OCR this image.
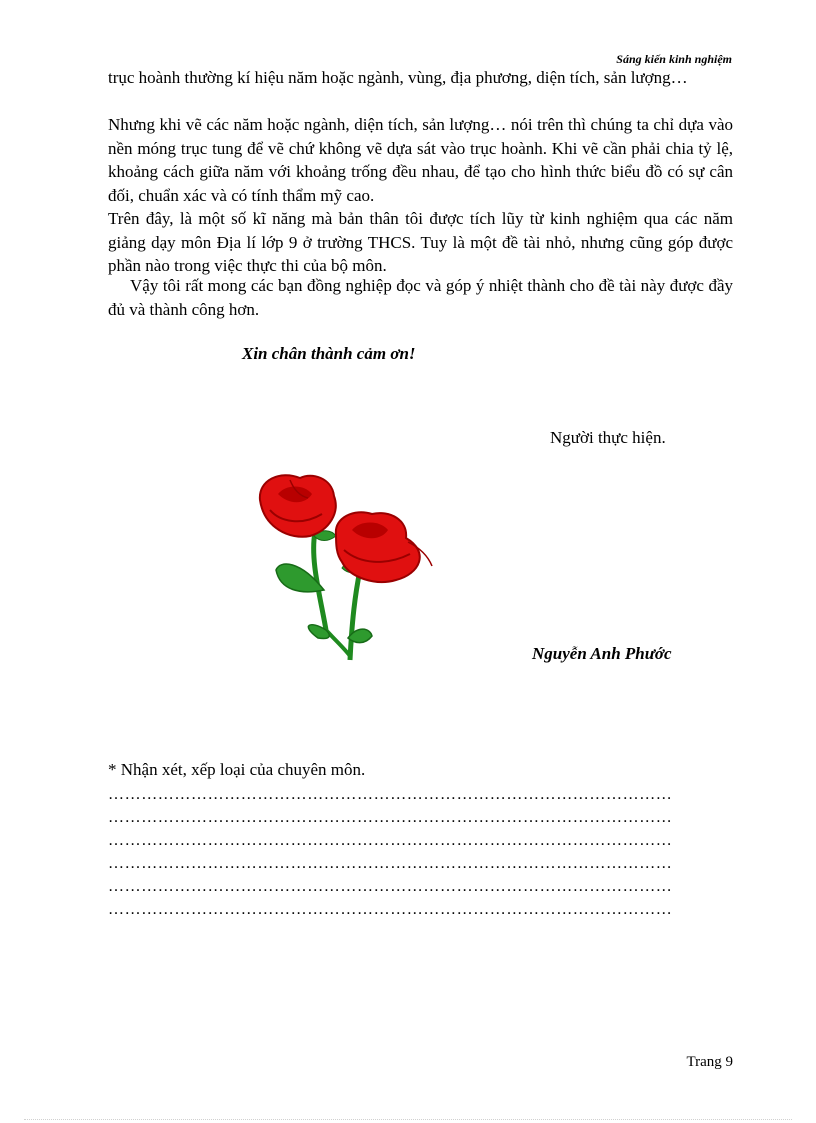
Sáng kiến kinh nghiệm

trục hoành thường kí hiệu năm hoặc ngành, vùng, địa phương, diện tích, sản lượng…

Nhưng khi vẽ các năm hoặc ngành, diện tích, sản lượng… nói trên thì chúng ta chỉ dựa vào nền móng trục tung để vẽ chứ không vẽ dựa sát vào trục hoành. Khi vẽ cần phải chia tỷ lệ, khoảng cách giữa năm với khoảng trống đều nhau, để tạo cho hình thức biểu đồ có sự cân đối, chuẩn xác và có tính thẩm mỹ cao.

Trên đây, là một số kĩ năng mà bản thân tôi được tích lũy từ kinh nghiệm qua các năm giảng dạy môn Địa lí lớp 9 ở trường THCS. Tuy là một đề tài nhỏ, nhưng cũng góp được phần nào trong việc thực thi của bộ môn.

Vậy tôi rất mong các bạn đồng nghiệp đọc và góp ý nhiệt thành cho đề tài này được đầy đủ và thành công hơn.

Xin chân thành cảm ơn!
Người thực hiện.
Nguyễn Anh Phước
* Nhận xét, xếp loại của chuyên môn.
…………………………………………………………………………………………
…………………………………………………………………………………………
…………………………………………………………………………………………
…………………………………………………………………………………………
…………………………………………………………………………………………
…………………………………………………………………………………………
Trang 9
